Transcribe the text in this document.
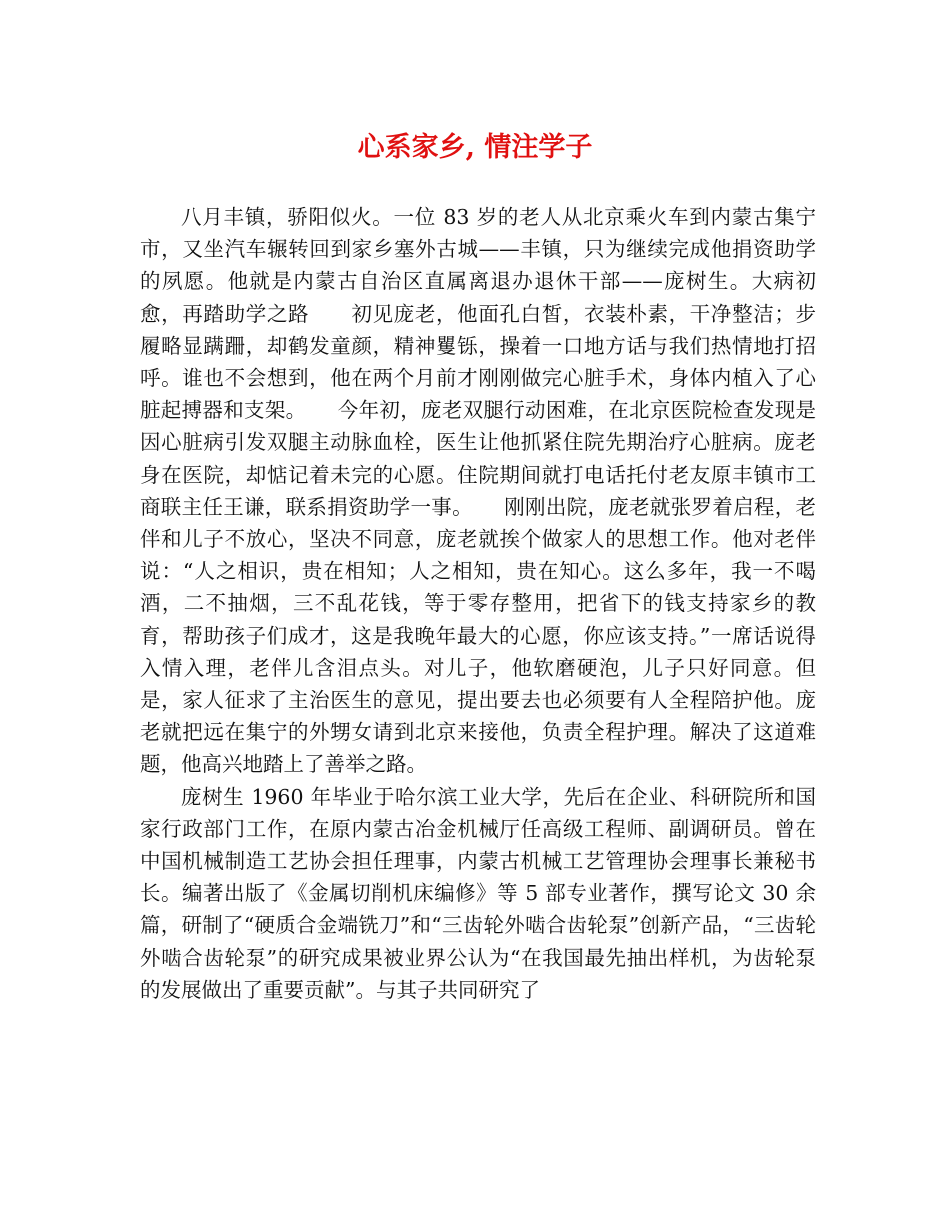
心系家乡, 情注学子

八月丰镇，骄阳似火。一位 83 岁的老人从北京乘火车到内蒙古集宁市，又坐汽车辗转回到家乡塞外古城——丰镇，只为继续完成他捐资助学的夙愿。他就是内蒙古自治区直属离退办退休干部——庞树生。大病初愈，再踏助学之路　　初见庞老，他面孔白皙，衣装朴素，干净整洁；步履略显蹒跚，却鹤发童颜，精神矍铄，操着一口地方话与我们热情地打招呼。谁也不会想到，他在两个月前才刚刚做完心脏手术，身体内植入了心脏起搏器和支架。　　今年初，庞老双腿行动困难，在北京医院检查发现是因心脏病引发双腿主动脉血栓，医生让他抓紧住院先期治疗心脏病。庞老身在医院，却惦记着未完的心愿。住院期间就打电话托付老友原丰镇市工商联主任王谦，联系捐资助学一事。　　刚刚出院，庞老就张罗着启程，老伴和儿子不放心，坚决不同意，庞老就挨个做家人的思想工作。他对老伴说：“人之相识，贵在相知；人之相知，贵在知心。这么多年，我一不喝酒，二不抽烟，三不乱花钱，等于零存整用，把省下的钱支持家乡的教育，帮助孩子们成才，这是我晚年最大的心愿，你应该支持。”一席话说得入情入理，老伴儿含泪点头。对儿子，他软磨硬泡，儿子只好同意。但是，家人征求了主治医生的意见，提出要去也必须要有人全程陪护他。庞老就把远在集宁的外甥女请到北京来接他，负责全程护理。解决了这道难题，他高兴地踏上了善举之路。

庞树生 1960 年毕业于哈尔滨工业大学，先后在企业、科研院所和国家行政部门工作，在原内蒙古冶金机械厅任高级工程师、副调研员。曾在中国机械制造工艺协会担任理事，内蒙古机械工艺管理协会理事长兼秘书长。编著出版了《金属切削机床编修》等 5 部专业著作，撰写论文 30 余篇，研制了“硬质合金端铣刀”和“三齿轮外啮合齿轮泵”创新产品，“三齿轮外啮合齿轮泵”的研究成果被业界公认为“在我国最先抽出样机，为齿轮泵的发展做出了重要贡献”。与其子共同研究了
